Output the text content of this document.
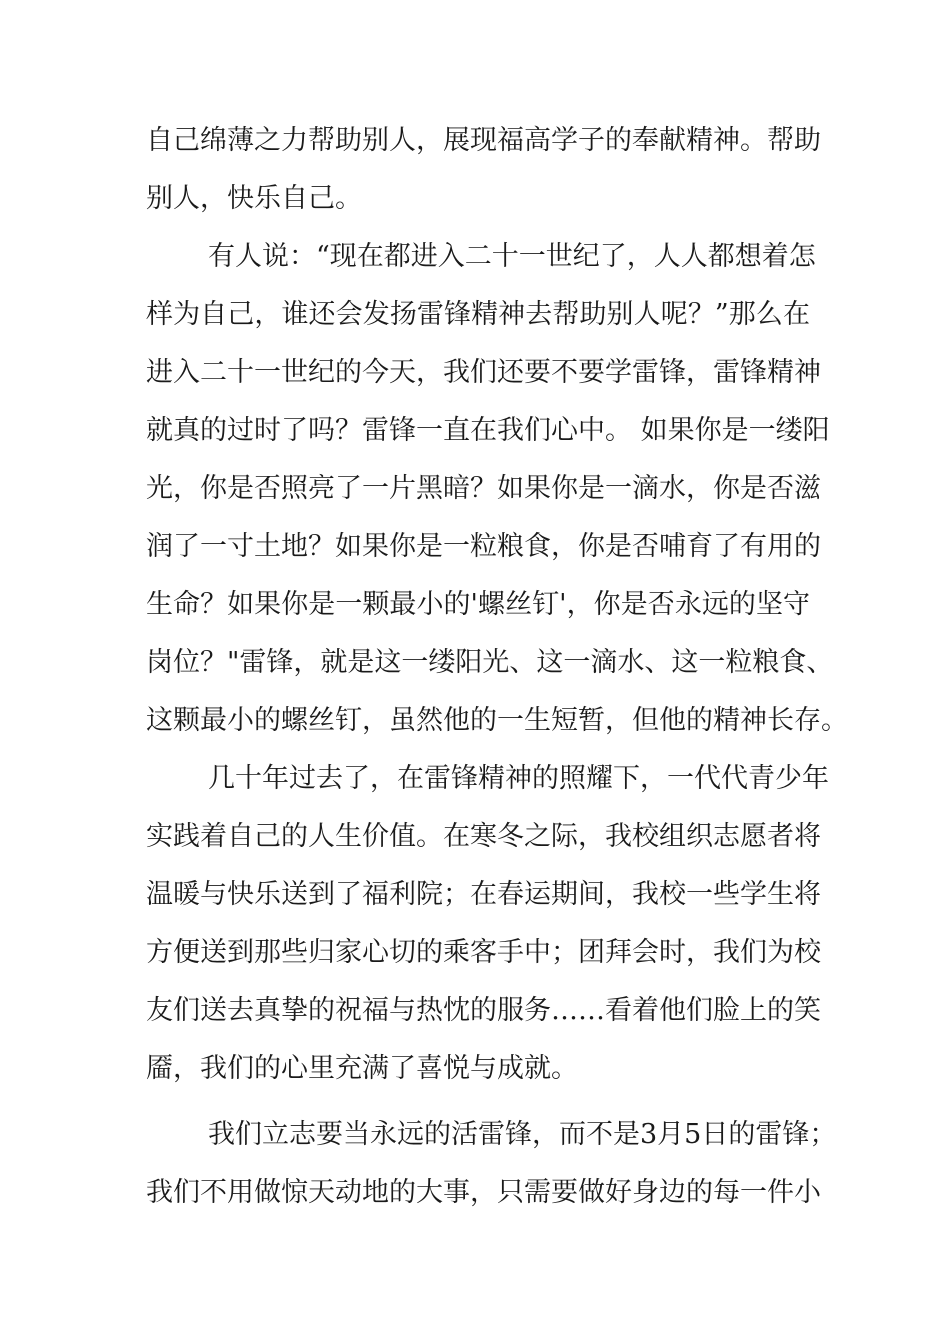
自己绵薄之力帮助别人，展现福高学子的奉献精神。帮助
别人，快乐自己。
有人说：“现在都进入二十一世纪了，人人都想着怎
样为自己，谁还会发扬雷锋精神去帮助别人呢？”那么在
进入二十一世纪的今天，我们还要不要学雷锋，雷锋精神
就真的过时了吗？雷锋一直在我们心中。 如果你是一缕阳
光，你是否照亮了一片黑暗？如果你是一滴水，你是否滋
润了一寸土地？如果你是一粒粮食，你是否哺育了有用的
生命？如果你是一颗最小的'螺丝钉'，你是否永远的坚守
岗位？"雷锋，就是这一缕阳光、这一滴水、这一粒粮食、
这颗最小的螺丝钉，虽然他的一生短暂，但他的精神长存。
几十年过去了，在雷锋精神的照耀下，一代代青少年
实践着自己的人生价值。在寒冬之际，我校组织志愿者将
温暖与快乐送到了福利院；在春运期间，我校一些学生将
方便送到那些归家心切的乘客手中；团拜会时，我们为校
友们送去真挚的祝福与热忱的服务……看着他们脸上的笑
靥，我们的心里充满了喜悦与成就。
我们立志要当永远的活雷锋，而不是3月5日的雷锋；
我们不用做惊天动地的大事，只需要做好身边的每一件小
